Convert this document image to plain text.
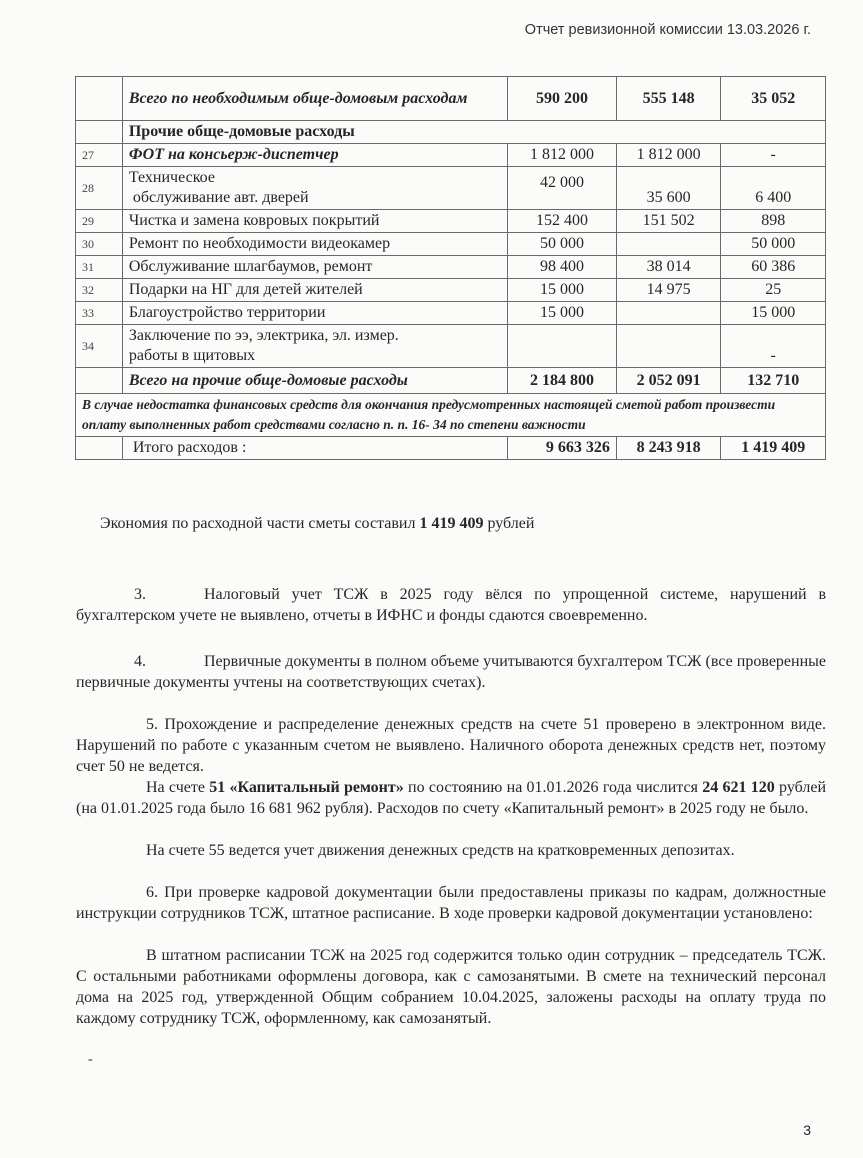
Отчет ревизионной комиссии 13.03.2026 г.
	Всего по необходимым обще-домовым расходам	590 200	555 148	35 052
	Прочие обще-домовые расходы			
27	ФОТ на консьерж-диспетчер	1 812 000	1 812 000	-
28	Техническое
обслуживание авт. дверей	42 000	35 600	6 400
29	Чистка и замена ковровых покрытий	152 400	151 502	898
30	Ремонт по необходимости видеокамер	50 000		50 000
31	Обслуживание шлагбаумов, ремонт	98 400	38 014	60 386
32	Подарки на НГ для детей жителей	15 000	14 975	25
33	Благоустройство территории	15 000		15 000
34	Заключение по ээ, электрика, эл. измер.
работы в щитовых			-
	Всего на прочие обще-домовые расходы	2 184 800	2 052 091	132 710
В случае недостатка финансовых средств для окончания предусмотренных настоящей сметой работ произвести оплату выполненных работ средствами согласно п. п. 16- 34 по степени важности				
	Итого расходов :	9 663 326	8 243 918	1 419 409
Экономия по расходной части сметы составил 1 419 409 рублей
3.	Налоговый учет ТСЖ в 2025 году вёлся по упрощенной системе, нарушений в бухгалтерском учете не выявлено, отчеты в ИФНС и фонды сдаются своевременно.
4.	Первичные документы в полном объеме учитываются бухгалтером ТСЖ (все проверенные первичные документы учтены на соответствующих счетах).
5. Прохождение и распределение денежных средств на счете 51 проверено в электронном виде. Нарушений по работе с указанным счетом не выявлено. Наличного оборота денежных средств нет, поэтому счет 50 не ведется.
На счете 51 «Капитальный ремонт» по состоянию на 01.01.2026 года числится 24 621 120 рублей (на 01.01.2025 года было 16 681 962 рубля). Расходов по счету «Капитальный ремонт» в 2025 году не было.
На счете 55 ведется учет движения денежных средств на кратковременных депозитах.
6. При проверке кадровой документации были предоставлены приказы по кадрам, должностные инструкции сотрудников ТСЖ, штатное расписание. В ходе проверки кадровой документации установлено:
В штатном расписании ТСЖ на 2025 год содержится только один сотрудник – председатель ТСЖ. С остальными работниками оформлены договора, как с самозанятыми. В смете на технический персонал дома на 2025 год, утвержденной Общим собранием 10.04.2025, заложены расходы на оплату труда по каждому сотруднику ТСЖ, оформленному, как самозанятый.
-
3
